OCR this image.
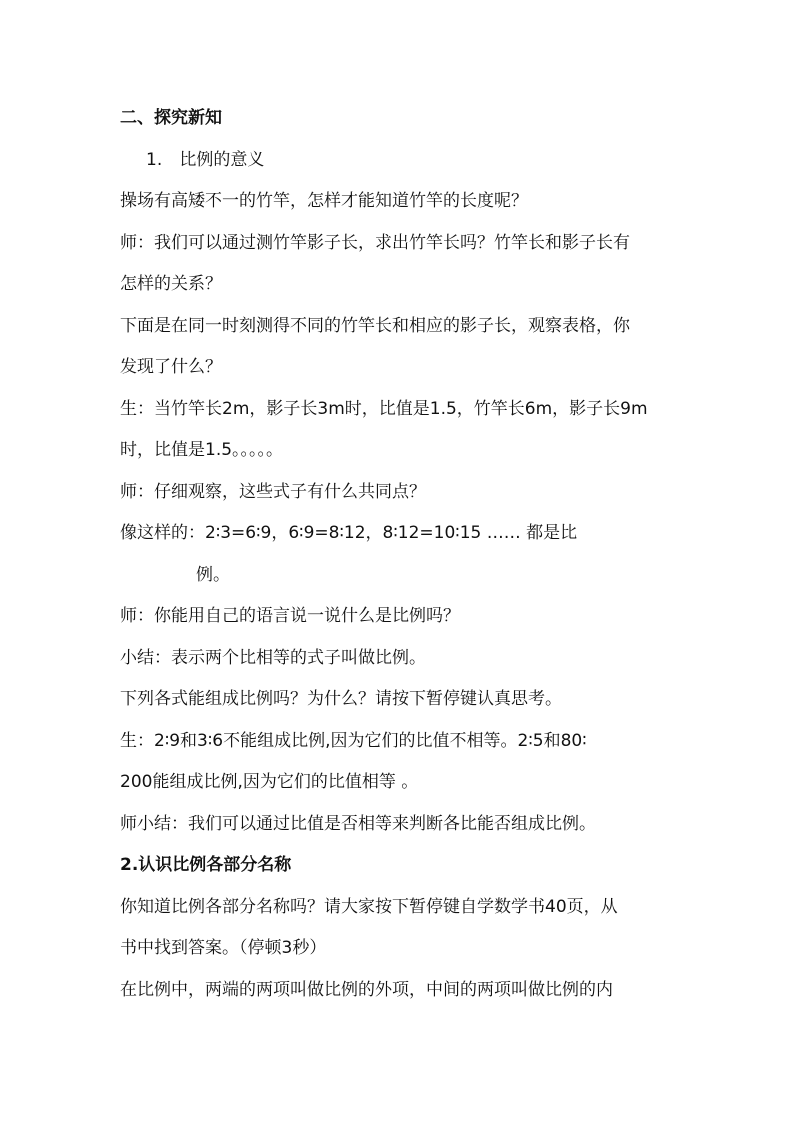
二、探究新知
1. 比例的意义
操场有高矮不一的竹竿，怎样才能知道竹竿的长度呢？
师：我们可以通过测竹竿影子长，求出竹竿长吗？竹竿长和影子长有
怎样的关系？
下面是在同一时刻测得不同的竹竿长和相应的影子长，观察表格，你
发现了什么？
生：当竹竿长2m，影子长3m时，比值是1.5，竹竿长6m，影子长9m
时，比值是1.5。。。。。
师：仔细观察，这些式子有什么共同点？
像这样的：2∶3=6∶9，6∶9=8∶12，8∶12=10∶15 …… 都是比
例。
师：你能用自己的语言说一说什么是比例吗？
小结：表示两个比相等的式子叫做比例。
下列各式能组成比例吗？为什么？请按下暂停键认真思考。
生：2∶9和3∶6不能组成比例,因为它们的比值不相等。2∶5和80∶
200能组成比例,因为它们的比值相等 。
师小结：我们可以通过比值是否相等来判断各比能否组成比例。
2.认识比例各部分名称
你知道比例各部分名称吗？请大家按下暂停键自学数学书40页，从
书中找到答案。（停顿3秒）
在比例中，两端的两项叫做比例的外项，中间的两项叫做比例的内
